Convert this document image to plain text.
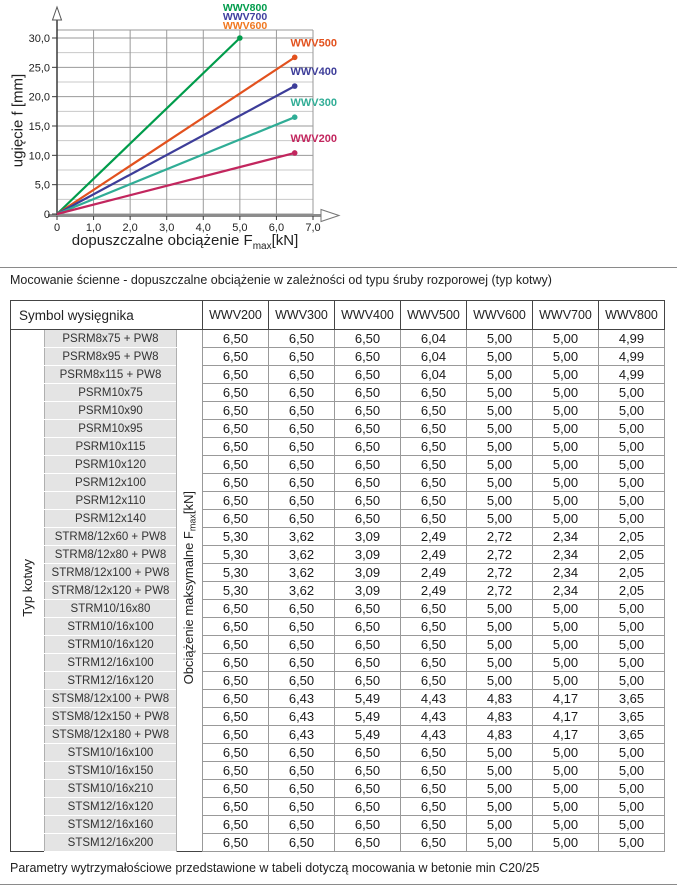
0 1,0 2,0 3,0 4,0 5,0 6,0 7,0
0
5,0
10,0
15,0
20,0
25,0
30,0	WWV500
WWV400
WWV300
WWV200
WWV800
WWV700
WWV600
ugięcie f [mm]
dopuszczalne obciążenie $F_{max}[kN]$
Mocowanie ścienne - dopuszczalne obciążenie w zależności od typu śruby rozporowej (typ kotwy)
Symbol wysięgnika			WWV200	WWV300	WWV400	WWV500	WWV600	WWV700	WWV800
Typ kotwy	PSRM8x75 + PW8	Obciążenie maksymalne $F_{max}[kN]$	6,50	6,50	6,50	6,04	5,00	5,00	4,99
	PSRM8x95 + PW8		6,50	6,50	6,50	6,04	5,00	5,00	4,99
	PSRM8x115 + PW8		6,50	6,50	6,50	6,04	5,00	5,00	4,99
	PSRM10x75		6,50	6,50	6,50	6,50	5,00	5,00	5,00
	PSRM10x90		6,50	6,50	6,50	6,50	5,00	5,00	5,00
	PSRM10x95		6,50	6,50	6,50	6,50	5,00	5,00	5,00
	PSRM10x115		6,50	6,50	6,50	6,50	5,00	5,00	5,00
	PSRM10x120		6,50	6,50	6,50	6,50	5,00	5,00	5,00
	PSRM12x100		6,50	6,50	6,50	6,50	5,00	5,00	5,00
	PSRM12x110		6,50	6,50	6,50	6,50	5,00	5,00	5,00
	PSRM12x140		6,50	6,50	6,50	6,50	5,00	5,00	5,00
	STRM8/12x60 + PW8		5,30	3,62	3,09	2,49	2,72	2,34	2,05
	STRM8/12x80 + PW8		5,30	3,62	3,09	2,49	2,72	2,34	2,05
	STRM8/12x100 + PW8		5,30	3,62	3,09	2,49	2,72	2,34	2,05
	STRM8/12x120 + PW8		5,30	3,62	3,09	2,49	2,72	2,34	2,05
	STRM10/16x80		6,50	6,50	6,50	6,50	5,00	5,00	5,00
	STRM10/16x100		6,50	6,50	6,50	6,50	5,00	5,00	5,00
	STRM10/16x120		6,50	6,50	6,50	6,50	5,00	5,00	5,00
	STRM12/16x100		6,50	6,50	6,50	6,50	5,00	5,00	5,00
	STRM12/16x120		6,50	6,50	6,50	6,50	5,00	5,00	5,00
	STSM8/12x100 + PW8		6,50	6,43	5,49	4,43	4,83	4,17	3,65
	STSM8/12x150 + PW8		6,50	6,43	5,49	4,43	4,83	4,17	3,65
	STSM8/12x180 + PW8		6,50	6,43	5,49	4,43	4,83	4,17	3,65
	STSM10/16x100		6,50	6,50	6,50	6,50	5,00	5,00	5,00
	STSM10/16x150		6,50	6,50	6,50	6,50	5,00	5,00	5,00
	STSM10/16x210		6,50	6,50	6,50	6,50	5,00	5,00	5,00
	STSM12/16x120		6,50	6,50	6,50	6,50	5,00	5,00	5,00
	STSM12/16x160		6,50	6,50	6,50	6,50	5,00	5,00	5,00
	STSM12/16x200		6,50	6,50	6,50	6,50	5,00	5,00	5,00
Parametry wytrzymałościowe przedstawione w tabeli dotyczą mocowania w betonie min C20/25
